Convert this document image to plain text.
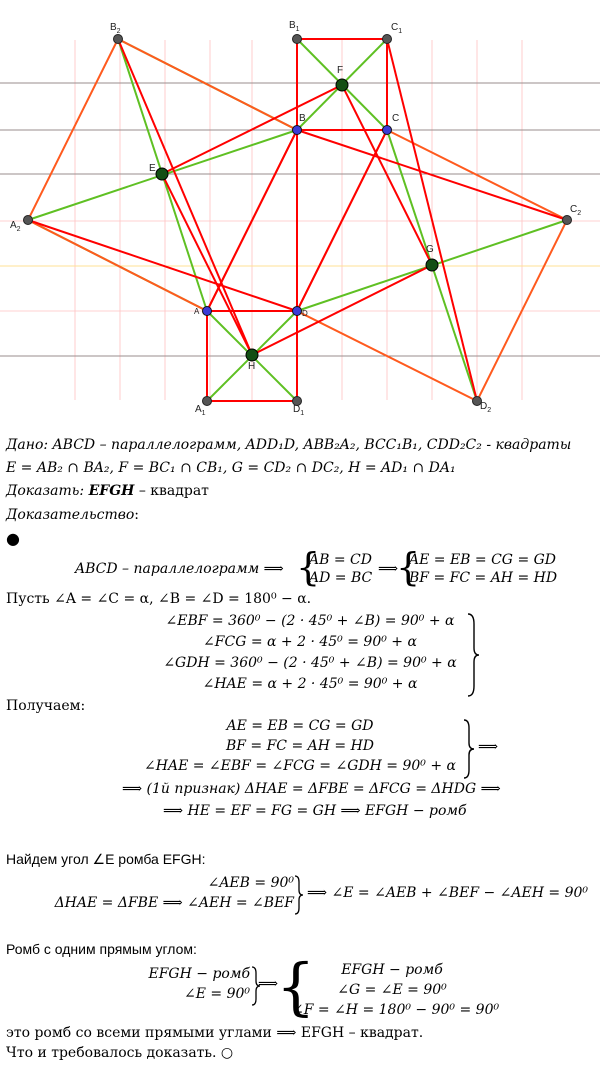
$B_2$
$B_1$	$C_1$
F
B	C
E
$A_2$
$C_2$
G
A	D
H
$A_1$	$D_1$
$D_2$
Дано: ABCD – параллелограмм, ADD₁D, ABB₂A₂, BCC₁B₁, CDD₂C₂ - квадраты
E = AB₂ ∩ BA₂, F = BC₁ ∩ CB₁, G = CD₂ ∩ DC₂, H = AD₁ ∩ DA₁
Доказать: EFGH – квадрат
Доказательство:
●
ABCD – параллелограмм ⟹ {
AB = CD
AD = BC
⟹
{
AE = EB = CG = GD
BF = FC = AH = HD
Пусть ∠A = ∠C = α, ∠B = ∠D = 180⁰ − α.
∠EBF = 360⁰ − (2 · 45⁰ + ∠B) = 90⁰ + α
∠FCG = α + 2 · 45⁰ = 90⁰ + α
∠GDH = 360⁰ − (2 · 45⁰ + ∠B) = 90⁰ + α
∠HAE = α + 2 · 45⁰ = 90⁰ + α
Получаем:
AE = EB = CG = GD
BF = FC = AH = HD
∠HAE = ∠EBF = ∠FCG = ∠GDH = 90⁰ + α
⟹
⟹ (1й признак) ΔHAE = ΔFBE = ΔFCG = ΔHDG ⟹
⟹ HE = EF = FG = GH ⟹ EFGH − ромб
Найдем угол ∠E ромба EFGH:
∠AEB = 90⁰
ΔHAE = ΔFBE ⟹ ∠AEH = ∠BEF
⟹ ∠E = ∠AEB + ∠BEF − ∠AEH = 90⁰
Ромб с одним прямым углом:
EFGH − ромб
∠E = 90⁰
⟹
{	EFGH − ромб
∠G = ∠E = 90⁰
∠F = ∠H = 180⁰ − 90⁰ = 90⁰
это ромб со всеми прямыми углами ⟹ EFGH – квадрат.
Что и требовалось доказать. ○
